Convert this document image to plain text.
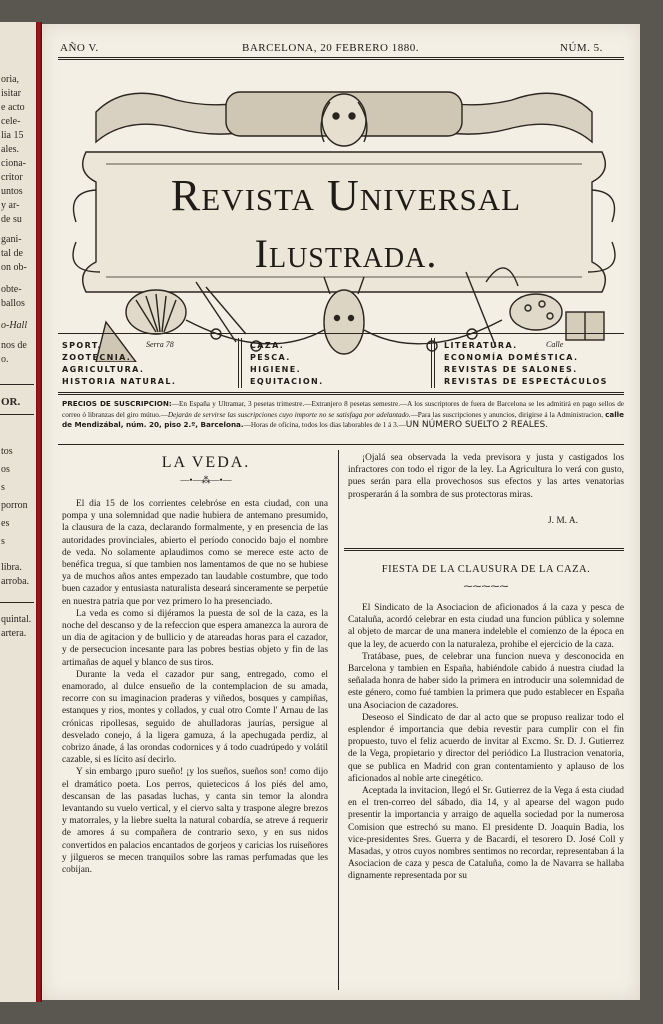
oria,
isitar
e acto
cele-
lia 15
ales.
ciona-
critor
untos
y ar-
de su
gani-
tal de
on ob-
obte-
ballos
o-Hall
nos de
o.
OR.
tos
os
s
porron
es
s
libra.
arroba.
quintal.
artera.
AÑO V.	BARCELONA, 20 FEBRERO 1880.	NÚM. 5.
Revista Universal
Ilustrada.
Serra 78	Calle
SPORT.
ZOOTECNIA.
AGRICULTURA.
HISTORIA NATURAL.
CAZA.
PESCA.
HIGIENE.
EQUITACION.
LITERATURA.
ECONOMÍA DOMÉSTICA.
REVISTAS DE SALONES.
REVISTAS DE ESPECTÁCULOS
PRECIOS DE SUSCRIPCION:—En España y Ultramar, 3 pesetas trimestre.—Extranjero 8 pesetas semestre.—A los suscriptores de fuera de Barcelona se les admitirá en pago sellos de correo ó libranzas del giro mútuo.—Dejarán de servirse las suscripciones cuyo importe no se satisfaga por adelantado.—Para las suscripciones y anuncios, dirigirse á la Administracion, calle de Mendizábal, núm. 20, piso 2.º, Barcelona.—Horas de oficina, todos los dias laborables de 1 á 3.—UN NÚMERO SUELTO 2 REALES.
LA VEDA.
—•—⁂—•—

El dia 15 de los corrientes celebróse en esta ciudad, con una pompa y una solemnidad que nadie hubiera de antemano presumido, la clausura de la caza, declarando formalmente, y en presencia de las autoridades provinciales, abierto el período conocido bajo el nombre de veda. No solamente aplaudimos como se merece este acto de benéfica tregua, sí que tambien nos lamentamos de que no se hubiese ya de muchos años antes empezado tan laudable costumbre, que todo buen cazador y entusiasta naturalista deseará sinceramente se perpetúe en nuestra patria que por vez primero lo ha presenciado.

La veda es como si dijéramos la puesta de sol de la caza, es la noche del descanso y de la refeccion que espera amanezca la aurora de un dia de agitacion y de bullicio y de atareadas horas para el cazador, y de persecucion incesante para las pobres bestias objeto y fin de las artimañas de aquel y blanco de sus tiros.

Durante la veda el cazador pur sang, entregado, como el enamorado, al dulce ensueño de la contemplacion de su amada, recorre con su imaginacion praderas y viñedos, bosques y campiñas, estanques y rios, montes y collados, y cual otro Comte l' Arnau de las crónicas ripollesas, seguido de ahulladoras jaurías, persigue al desvelado conejo, á la ligera gamuza, á la apechugada perdiz, al cobrizo ánade, á las orondas codornices y á todo cuadrúpedo y volátil cazable, si es lícito así decirlo.

Y sin embargo ¡puro sueño! ¡y los sueños, sueños son! como dijo el dramático poeta. Los perros, quietecicos á los piés del amo, descansan de las pasadas luchas, y canta sin temor la alondra levantando su vuelo vertical, y el ciervo salta y traspone alegre brezos y matorrales, y la liebre suelta la natural cobardía, se atreve á requerir de amores á su compañera de contrario sexo, y en sus nidos convertidos en palacios encantados de gorjeos y caricias los ruiseñores y jilgueros se mecen tranquilos sobre las ramas perfumadas que les cobijan.

¡Ojalá sea observada la veda previsora y justa y castigados los infractores con todo el rigor de la ley. La Agricultura lo verá con gusto, pues serán para ella provechosos sus efectos y las artes venatorias prosperarán á la sombra de sus protectoras miras.

J. M. A.
FIESTA DE LA CLAUSURA DE LA CAZA.
⁓⁓⁓⁓⁓

El Sindicato de la Asociacion de aficionados á la caza y pesca de Cataluña, acordó celebrar en esta ciudad una funcion pública y solemne al objeto de marcar de una manera indeleble el comienzo de la época en que la ley, de acuerdo con la naturaleza, prohibe el ejercicio de la caza.

Tratábase, pues, de celebrar una funcion nueva y desconocida en Barcelona y tambien en España, habiéndole cabido á nuestra ciudad la señalada honra de haber sido la primera en introducir una solemnidad de este género, como fué tambien la primera que pudo establecer en España una Asociacion de cazadores.

Deseoso el Sindicato de dar al acto que se propuso realizar todo el esplendor é importancia que debia revestir para cumplir con el fin propuesto, tuvo el feliz acuerdo de invitar al Excmo. Sr. D. J. Gutierrez de la Vega, propietario y director del periódico La Ilustracion venatoria, que se publica en Madrid con gran contentamiento y aplauso de los aficionados al noble arte cinegético.

Aceptada la invitacion, llegó el Sr. Gutierrez de la Vega á esta ciudad en el tren-correo del sábado, dia 14, y al apearse del wagon pudo presentir la importancia y arraigo de aquella sociedad por la numerosa Comision que estrechó su mano. El presidente D. Joaquin Badia, los vice-presidentes Sres. Guerra y de Bacardí, el tesorero D. José Coll y Masadas, y otros cuyos nombres sentimos no recordar, representaban á la Asociacion de caza y pesca de Cataluña, como la de Navarra se hallaba dignamente representada por su
